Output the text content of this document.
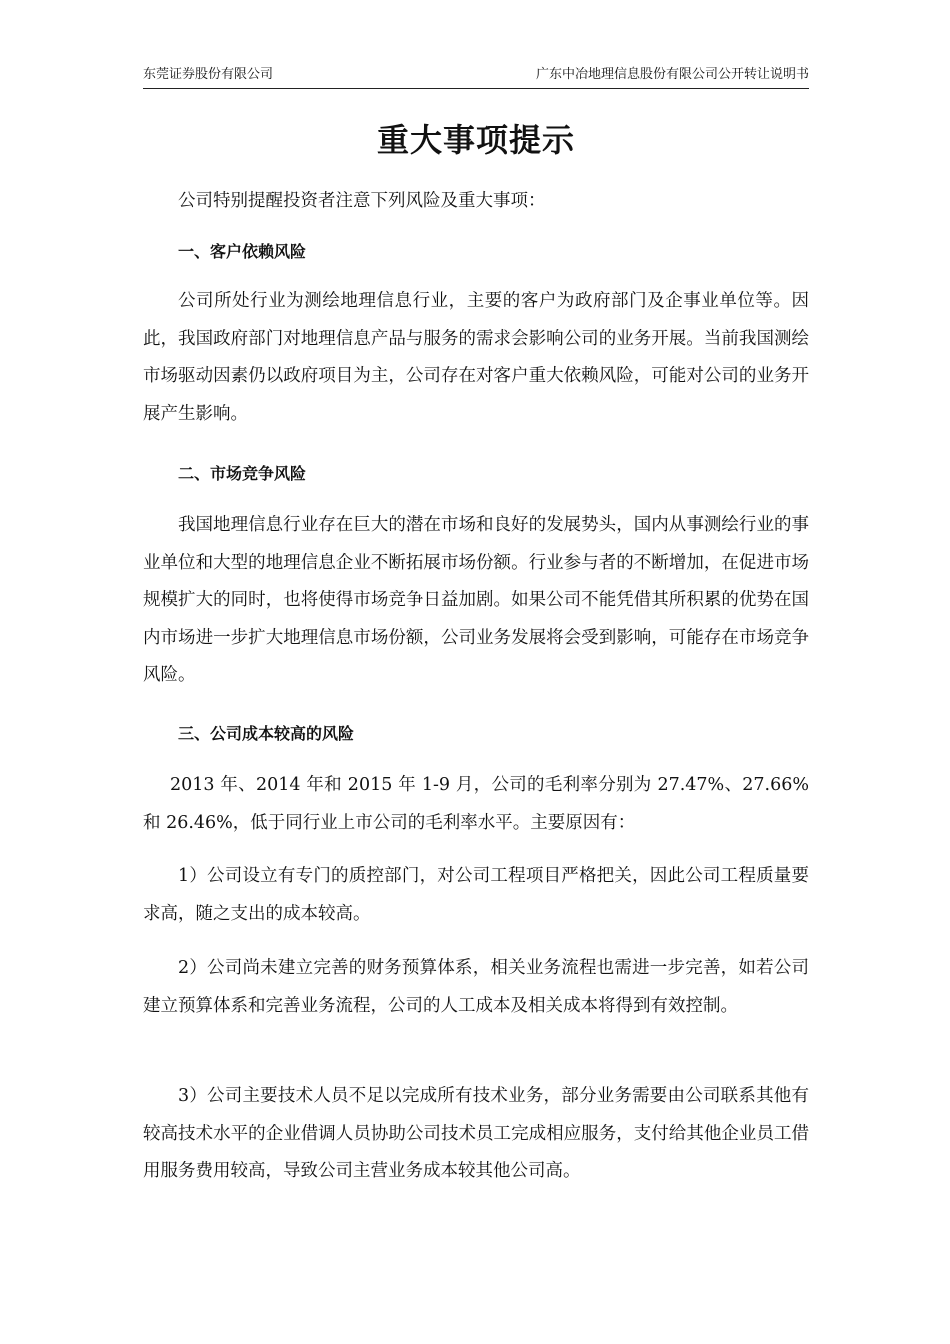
东莞证券股份有限公司	广东中冶地理信息股份有限公司公开转让说明书
重大事项提示

公司特别提醒投资者注意下列风险及重大事项：

一、客户依赖风险

公司所处行业为测绘地理信息行业，主要的客户为政府部门及企事业单位等。因此，我国政府部门对地理信息产品与服务的需求会影响公司的业务开展。当前我国测绘市场驱动因素仍以政府项目为主，公司存在对客户重大依赖风险，可能对公司的业务开展产生影响。

二、市场竞争风险

我国地理信息行业存在巨大的潜在市场和良好的发展势头，国内从事测绘行业的事业单位和大型的地理信息企业不断拓展市场份额。行业参与者的不断增加，在促进市场规模扩大的同时，也将使得市场竞争日益加剧。如果公司不能凭借其所积累的优势在国内市场进一步扩大地理信息市场份额，公司业务发展将会受到影响，可能存在市场竞争风险。

三、公司成本较高的风险

2013 年、2014 年和 2015 年 1-9 月，公司的毛利率分别为 27.47%、27.66%和 26.46%，低于同行业上市公司的毛利率水平。主要原因有：

1）公司设立有专门的质控部门，对公司工程项目严格把关，因此公司工程质量要求高，随之支出的成本较高。

2）公司尚未建立完善的财务预算体系，相关业务流程也需进一步完善，如若公司建立预算体系和完善业务流程，公司的人工成本及相关成本将得到有效控制。

3）公司主要技术人员不足以完成所有技术业务，部分业务需要由公司联系其他有较高技术水平的企业借调人员协助公司技术员工完成相应服务，支付给其他企业员工借用服务费用较高，导致公司主营业务成本较其他公司高。
